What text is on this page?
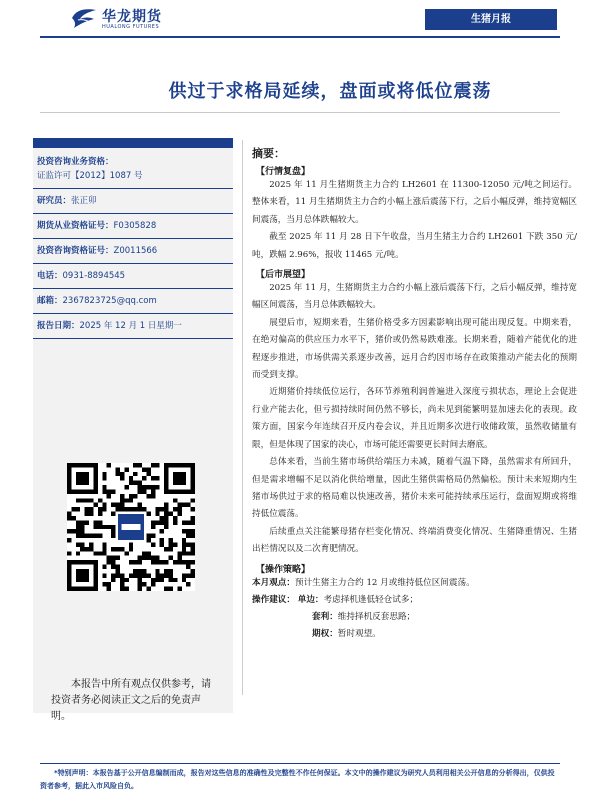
华龙期货
HUALONG FUTURES
生猪月报
供过于求格局延续，盘面或将低位震荡
投资咨询业务资格：
证监许可【2012】1087 号
研究员：张正卯
期货从业资格证号：F0305828
投资咨询资格证号：Z0011566
电话：0931-8894545
邮箱：2367823725@qq.com
报告日期：2025 年 12 月 1 日星期一
本报告中所有观点仅供参考，请投资者务必阅读正文之后的免责声明。
摘要：
【行情复盘】

2025 年 11 月生猪期货主力合约 LH2601 在 11300-12050 元/吨之间运行。整体来看，11 月生猪期货主力合约小幅上涨后震荡下行，之后小幅反弹，维持宽幅区间震荡，当月总体跌幅较大。

截至 2025 年 11 月 28 日下午收盘，当月生猪主力合约 LH2601 下跌 350 元/吨，跌幅 2.96%，报收 11465 元/吨。

【后市展望】

2025 年 11 月，生猪期货主力合约小幅上涨后震荡下行，之后小幅反弹，维持宽幅区间震荡，当月总体跌幅较大。

展望后市，短期来看，生猪价格受多方因素影响出现可能出现反复。中期来看，在绝对偏高的供应压力水平下，猪价或仍然易跌难涨。长期来看，随着产能优化的进程逐步推进，市场供需关系逐步改善，远月合约因市场存在政策推动产能去化的预期而受到支撑。

近期猪价持续低位运行，各环节养殖利润普遍进入深度亏损状态，理论上会促进行业产能去化，但亏损持续时间仍然不够长，尚未见到能繁明显加速去化的表现。政策方面，国家今年连续召开反内卷会议，并且近期多次进行收储政策，虽然收储量有限，但是体现了国家的决心，市场可能还需要更长时间去磨底。

总体来看，当前生猪市场供给端压力未减，随着气温下降，虽然需求有所回升，但是需求增幅不足以消化供给增量，因此生猪供需格局仍然偏松。预计未来短期内生猪市场供过于求的格局难以快速改善，猪价未来可能持续承压运行，盘面短期或将维持低位震荡。

后续重点关注能繁母猪存栏变化情况、终端消费变化情况、生猪降重情况、生猪出栏情况以及二次育肥情况。

【操作策略】
本月观点：预计生猪主力合约 12 月或维持低位区间震荡。
操作建议： 单边：考虑择机逢低轻仓试多；
套利：维持择机反套思路；
期权：暂时观望。
*特别声明：本报告基于公开信息编制而成，报告对这些信息的准确性及完整性不作任何保证。本文中的操作建议为研究人员利用相关公开信息的分析得出，仅供投资者参考，据此入市风险自负。
